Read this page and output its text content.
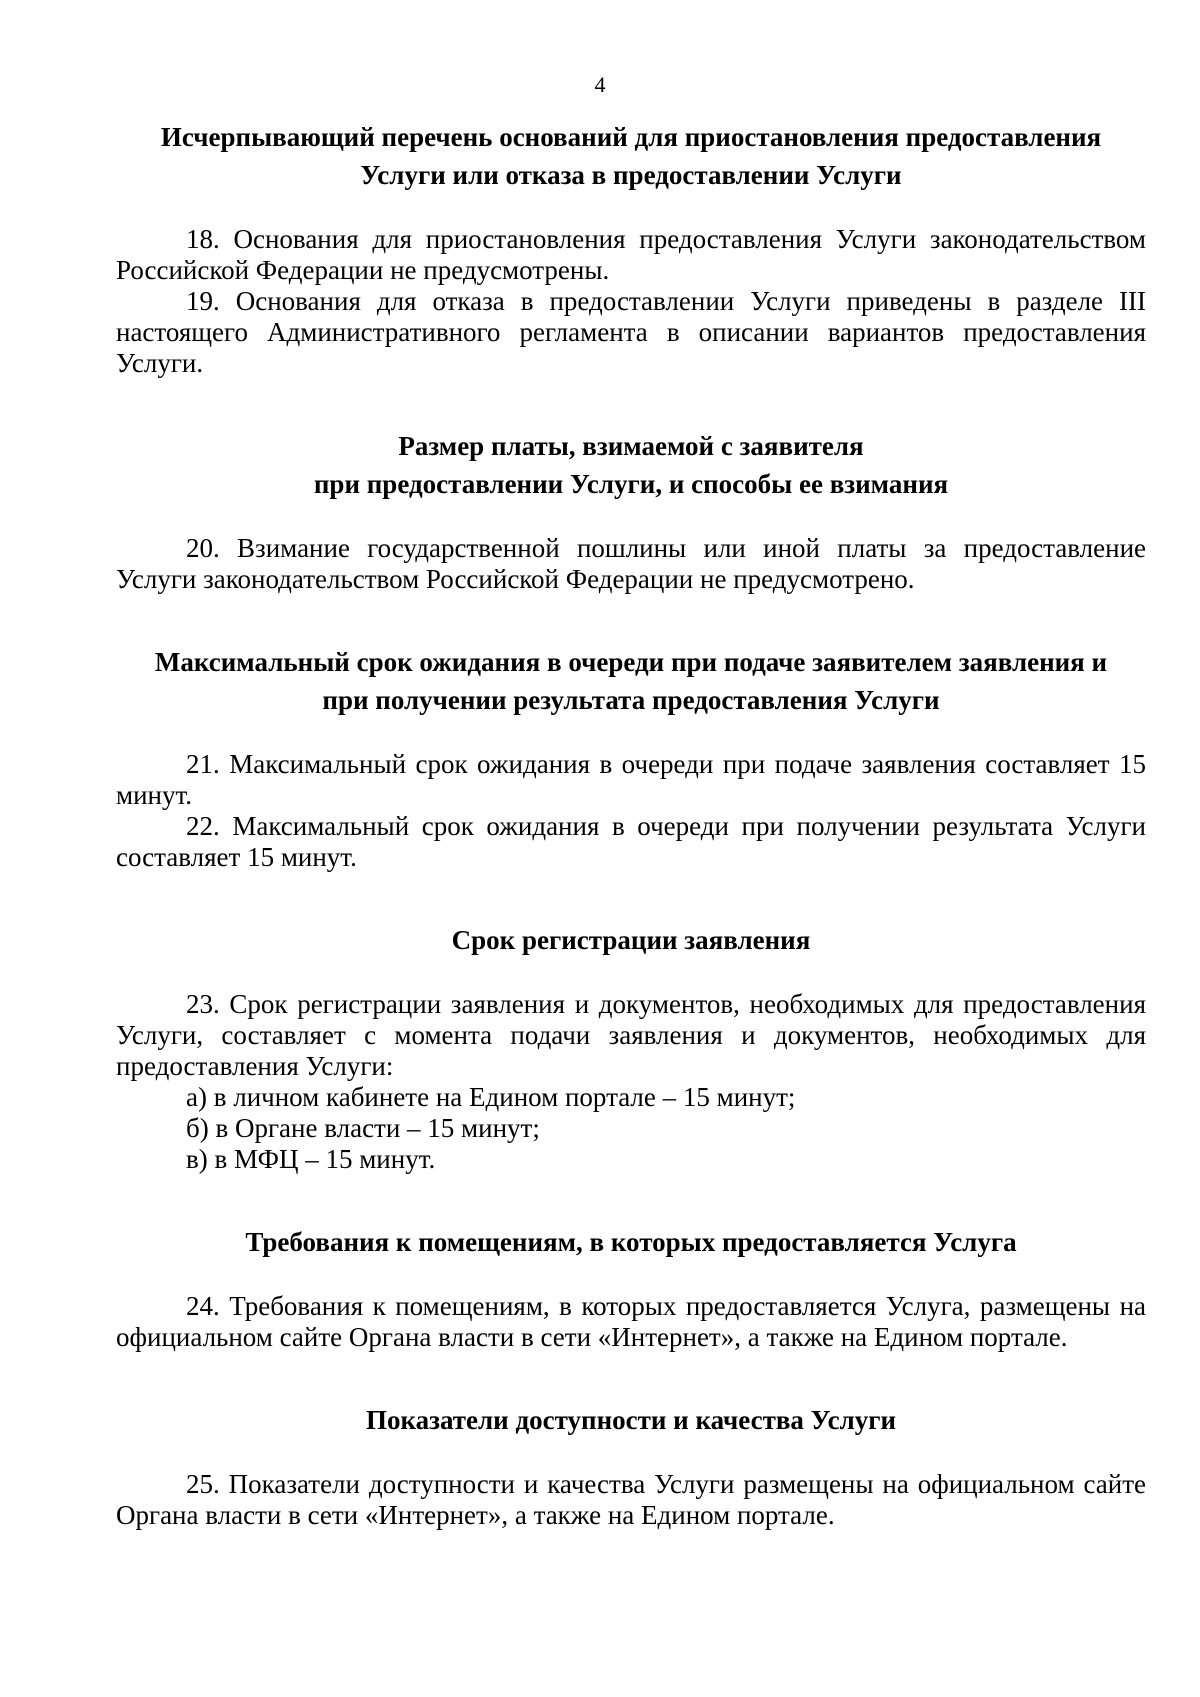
4

Исчерпывающий перечень оснований для приостановления предоставления

Услуги или отказа в предоставлении Услуги

18. Основания для приостановления предоставления Услуги законодательством Российской Федерации не предусмотрены.

19. Основания для отказа в предоставлении Услуги приведены в разделе III настоящего Административного регламента в описании вариантов предоставления Услуги.

Размер платы, взимаемой с заявителя

при предоставлении Услуги, и способы ее взимания

20. Взимание государственной пошлины или иной платы за предоставление Услуги законодательством Российской Федерации не предусмотрено.

Максимальный срок ожидания в очереди при подаче заявителем заявления и

при получении результата предоставления Услуги

21. Максимальный срок ожидания в очереди при подаче заявления составляет 15 минут.

22. Максимальный срок ожидания в очереди при получении результата Услуги составляет 15 минут.

Срок регистрации заявления

23. Срок регистрации заявления и документов, необходимых для предоставления Услуги, составляет с момента подачи заявления и документов, необходимых для предоставления Услуги:

а) в личном кабинете на Едином портале – 15 минут;

б) в Органе власти – 15 минут;

в) в МФЦ – 15 минут.

Требования к помещениям, в которых предоставляется Услуга

24. Требования к помещениям, в которых предоставляется Услуга, размещены на официальном сайте Органа власти в сети «Интернет», а также на Едином портале.

Показатели доступности и качества Услуги

25. Показатели доступности и качества Услуги размещены на официальном сайте Органа власти в сети «Интернет», а также на Едином портале.
